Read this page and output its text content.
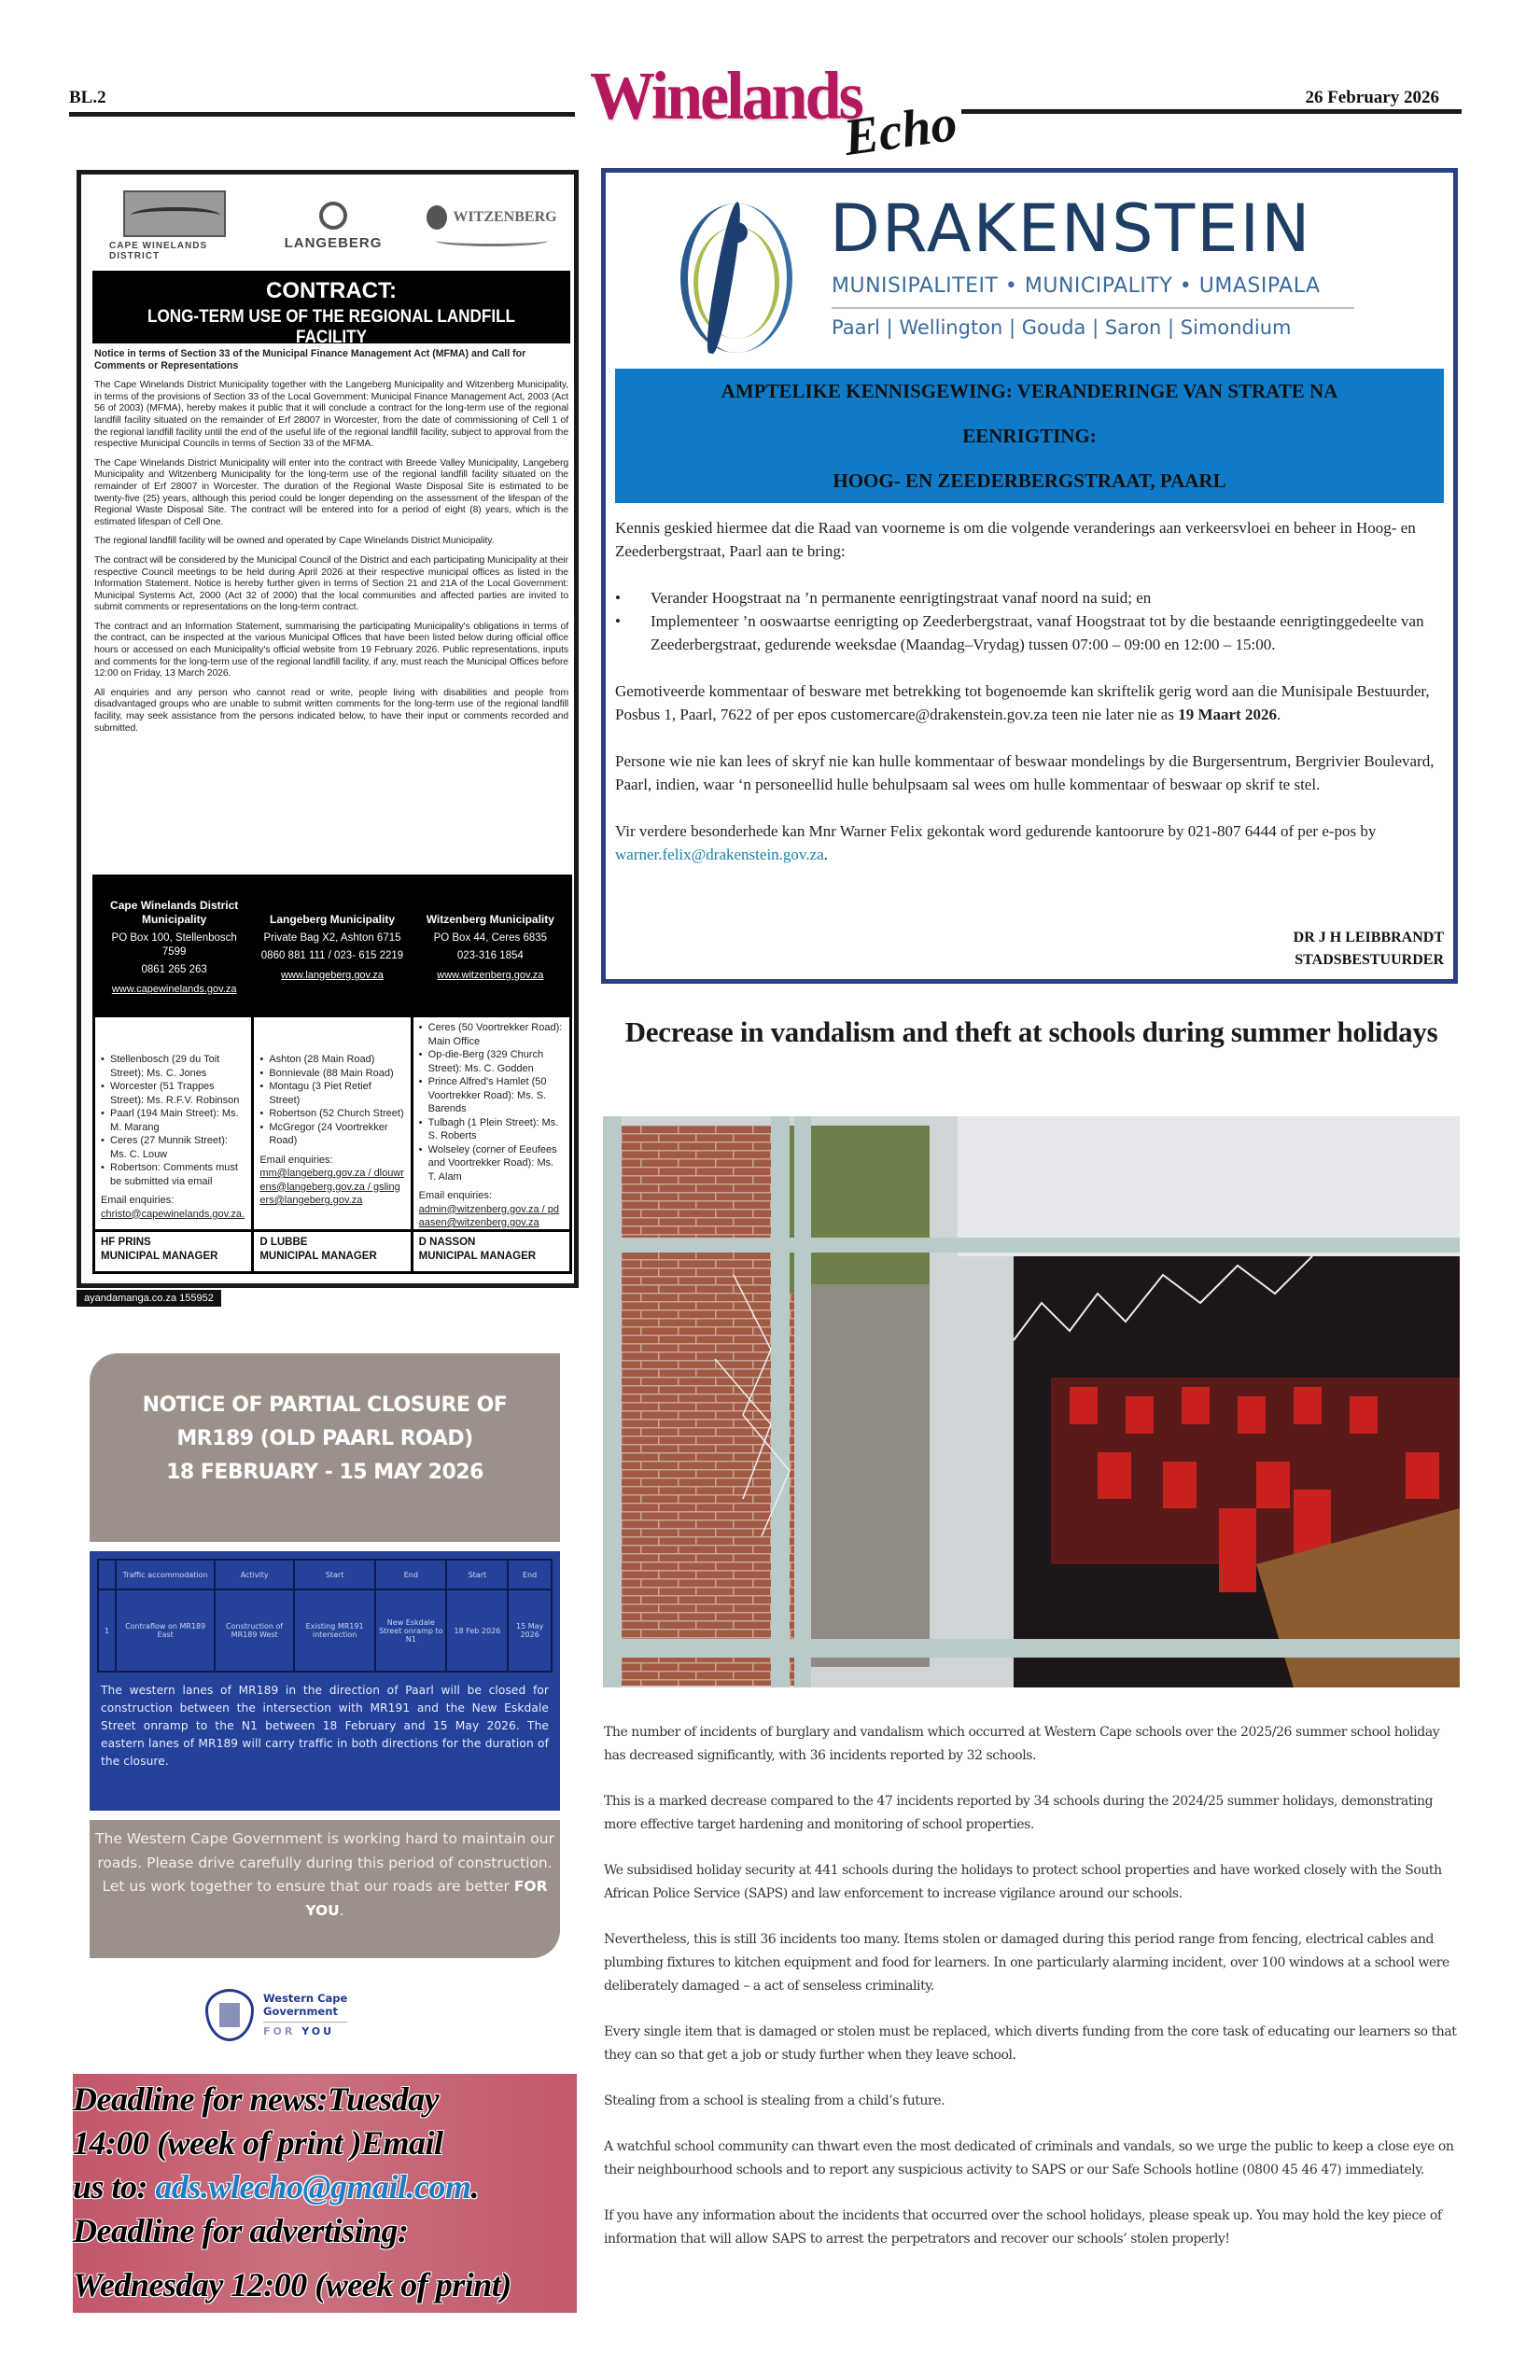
BL.2	Winelands
Echo	26 February 2026
CAPE WINELANDS DISTRICT
LANGEBERG
WITZENBERG
CONTRACT:
LONG-TERM USE OF THE REGIONAL LANDFILL FACILITY
Notice in terms of Section 33 of the Municipal Finance Management Act (MFMA) and Call for Comments or Representations

The Cape Winelands District Municipality together with the Langeberg Municipality and Witzenberg Municipality, in terms of the provisions of Section 33 of the Local Government: Municipal Finance Management Act, 2003 (Act 56 of 2003) (MFMA), hereby makes it public that it will conclude a contract for the long-term use of the regional landfill facility situated on the remainder of Erf 28007 in Worcester, from the date of commissioning of Cell 1 of the regional landfill facility until the end of the useful life of the regional landfill facility, subject to approval from the respective Municipal Councils in terms of Section 33 of the MFMA.

The Cape Winelands District Municipality will enter into the contract with Breede Valley Municipality, Langeberg Municipality and Witzenberg Municipality for the long-term use of the regional landfill facility situated on the remainder of Erf 28007 in Worcester. The duration of the Regional Waste Disposal Site is estimated to be twenty-five (25) years, although this period could be longer depending on the assessment of the lifespan of the Regional Waste Disposal Site. The contract will be entered into for a period of eight (8) years, which is the estimated lifespan of Cell One.

The regional landfill facility will be owned and operated by Cape Winelands District Municipality.

The contract will be considered by the Municipal Council of the District and each participating Municipality at their respective Council meetings to be held during April 2026 at their respective municipal offices as listed in the Information Statement. Notice is hereby further given in terms of Section 21 and 21A of the Local Government: Municipal Systems Act, 2000 (Act 32 of 2000) that the local communities and affected parties are invited to submit comments or representations on the long-term contract.

The contract and an Information Statement, summarising the participating Municipality's obligations in terms of the contract, can be inspected at the various Municipal Offices that have been listed below during official office hours or accessed on each Municipality's official website from 19 February 2026. Public representations, inputs and comments for the long-term use of the regional landfill facility, if any, must reach the Municipal Offices before 12:00 on Friday, 13 March 2026.

All enquiries and any person who cannot read or write, people living with disabilities and people from disadvantaged groups who are unable to submit written comments for the long-term use of the regional landfill facility, may seek assistance from the persons indicated below, to have their input or comments recorded and submitted.

Cape Winelands District Municipality
PO Box 100, Stellenbosch 7599
0861 265 263
www.capewinelands.gov.za
Langeberg Municipality
Private Bag X2, Ashton 6715
0860 881 111 / 023- 615 2219
www.langeberg.gov.za
Witzenberg Municipality
PO Box 44, Ceres 6835
023-316 1854
www.witzenberg.gov.za
• Stellenbosch (29 du Toit Street): Ms. C. Jones
• Worcester (51 Trappes Street): Ms. R.F.V. Robinson
• Paarl (194 Main Street): Ms. M. Marang
• Ceres (27 Munnik Street): Ms. C. Louw
• Robertson: Comments must be submitted via email
Email enquiries: christo@capewinelands.gov.za.
• Ashton (28 Main Road)
• Bonnievale (88 Main Road)
• Montagu (3 Piet Retief Street)
• Robertson (52 Church Street)
• McGregor (24 Voortrekker Road)
Email enquiries:
mm@langeberg.gov.za / dlouwrens@langeberg.gov.za / gslingers@langeberg.gov.za
• Ceres (50 Voortrekker Road): Main Office
• Op-die-Berg (329 Church Street): Ms. C. Godden
• Prince Alfred's Hamlet (50 Voortrekker Road): Ms. S. Barends
• Tulbagh (1 Plein Street): Ms. S. Roberts
• Wolseley (corner of Eeufees and Voortrekker Road): Ms. T. Alam
Email enquiries:
admin@witzenberg.gov.za / pdaasen@witzenberg.gov.za
HF PRINS
MUNICIPAL MANAGER
D LUBBE
MUNICIPAL MANAGER
D NASSON
MUNICIPAL MANAGER
ayandamanga.co.za 155952
NOTICE OF PARTIAL CLOSURE OF
MR189 (OLD PAARL ROAD)
18 FEBRUARY - 15 MAY 2026
	Traffic accommodation	Activity	Start	End	Start	End
1	Contraflow on MR189 East	Construction of MR189 West	Existing MR191 intersection	New Eskdale Street onramp to N1	18 Feb 2026	15 May 2026
The western lanes of MR189 in the direction of Paarl will be closed for construction between the intersection with MR191 and the New Eskdale Street onramp to the N1 between 18 February and 15 May 2026. The eastern lanes of MR189 will carry traffic in both directions for the duration of the closure.
The Western Cape Government is working hard to maintain our roads. Please drive carefully during this period of construction. Let us work together to ensure that our roads are better FOR YOU.
Western Cape
Government
FOR YOU
Deadline for news:Tuesday
14:00 (week of print )Email
us to: ads.wlecho@gmail.com.
Deadline for advertising:
Wednesday 12:00 (week of print)
DRAKENSTEIN
MUNISIPALITEIT • MUNICIPALITY • UMASIPALA
Paarl | Wellington | Gouda | Saron | Simondium
AMPTELIKE KENNISGEWING: VERANDERINGE VAN STRATE NA
EENRIGTING:
HOOG- EN ZEEDERBERGSTRAAT, PAARL

Kennis geskied hiermee dat die Raad van voorneme is om die volgende veranderings aan verkeersvloei en beheer in Hoog- en Zeederbergstraat, Paarl aan te bring:

• Verander Hoogstraat na ’n permanente eenrigtingstraat vanaf noord na suid; en
• Implementeer ’n ooswaartse eenrigting op Zeederbergstraat, vanaf Hoogstraat tot by die bestaande eenrigtinggedeelte van Zeederbergstraat, gedurende weeksdae (Maandag–Vrydag) tussen 07:00 – 09:00 en 12:00 – 15:00.

Gemotiveerde kommentaar of besware met betrekking tot bogenoemde kan skriftelik gerig word aan die Munisipale Bestuurder, Posbus 1, Paarl, 7622 of per epos customercare@drakenstein.gov.za teen nie later nie as 19 Maart 2026.

Persone wie nie kan lees of skryf nie kan hulle kommentaar of beswaar mondelings by die Burgersentrum, Bergrivier Boulevard, Paarl, indien, waar ‘n personeellid hulle behulpsaam sal wees om hulle kommentaar of beswaar op skrif te stel.

Vir verdere besonderhede kan Mnr Warner Felix gekontak word gedurende kantoorure by 021-807 6444 of per e-pos by warner.felix@drakenstein.gov.za.

DR J H LEIBBRANDT
STADSBESTUURDER
Decrease in vandalism and theft at schools during summer holidays

The number of incidents of burglary and vandalism which occurred at Western Cape schools over the 2025/26 summer school holiday has decreased significantly, with 36 incidents reported by 32 schools.

This is a marked decrease compared to the 47 incidents reported by 34 schools during the 2024/25 summer holidays, demonstrating more effective target hardening and monitoring of school properties.

We subsidised holiday security at 441 schools during the holidays to protect school properties and have worked closely with the South African Police Service (SAPS) and law enforcement to increase vigilance around our schools.

Nevertheless, this is still 36 incidents too many. Items stolen or damaged during this period range from fencing, electrical cables and plumbing fixtures to kitchen equipment and food for learners. In one particularly alarming incident, over 100 windows at a school were deliberately damaged – a act of senseless criminality.

Every single item that is damaged or stolen must be replaced, which diverts funding from the core task of educating our learners so that they can so that get a job or study further when they leave school.

Stealing from a school is stealing from a child’s future.

A watchful school community can thwart even the most dedicated of criminals and vandals, so we urge the public to keep a close eye on their neighbourhood schools and to report any suspicious activity to SAPS or our Safe Schools hotline (0800 45 46 47) immediately.

If you have any information about the incidents that occurred over the school holidays, please speak up. You may hold the key piece of information that will allow SAPS to arrest the perpetrators and recover our schools’ stolen properly!
